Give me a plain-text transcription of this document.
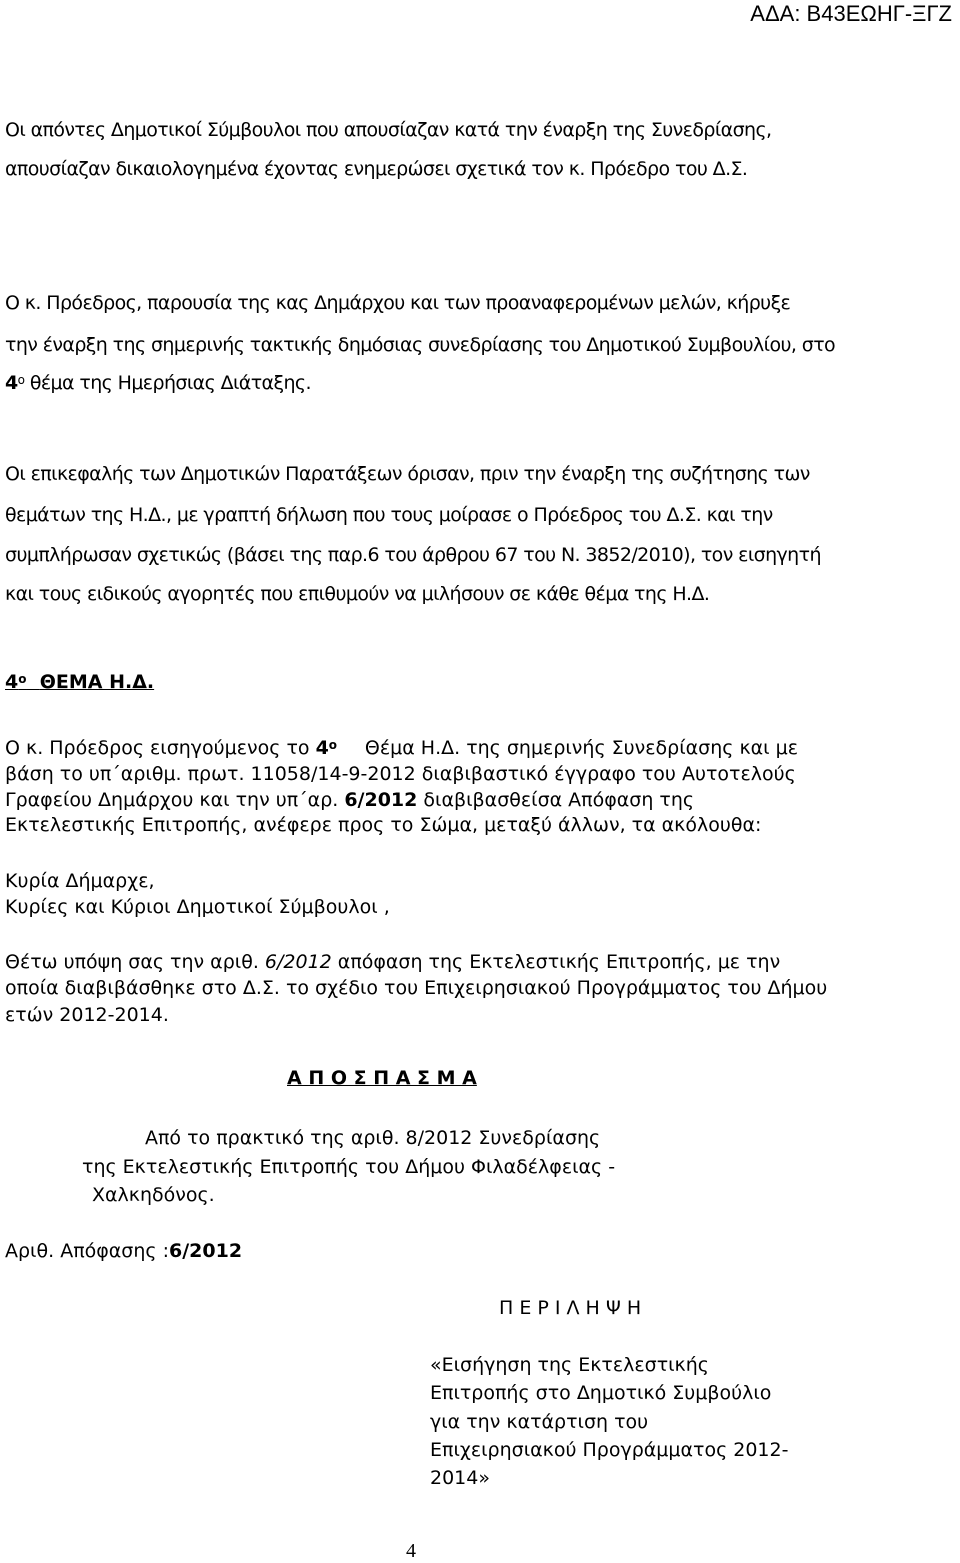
ΑΔΑ: Β43ΕΩΗΓ-ΞΓΖ
Οι απόντες Δημοτικοί Σύμβουλοι που απουσίαζαν κατά την έναρξη της Συνεδρίασης,
απουσίαζαν δικαιολογημένα έχοντας ενημερώσει σχετικά τον κ. Πρόεδρο του Δ.Σ.
Ο κ. Πρόεδρος, παρουσία της κας Δημάρχου και των προαναφερομένων μελών, κήρυξε
την έναρξη της σημερινής τακτικής δημόσιας συνεδρίασης του Δημοτικού Συμβουλίου, στο
$4^o$ θέμα της Ημερήσιας Διάταξης.
Οι επικεφαλής των Δημοτικών Παρατάξεων όρισαν, πριν την έναρξη της συζήτησης των
θεμάτων της Η.Δ., με γραπτή δήλωση που τους μοίρασε ο Πρόεδρος του Δ.Σ. και την
συμπλήρωσαν σχετικώς (βάσει της παρ.6 του άρθρου 67 του Ν. 3852/2010), τον εισηγητή
και τους ειδικούς αγορητές που επιθυμούν να μιλήσουν σε κάθε θέμα της Η.Δ.
$4^o$ ΘΕΜΑ Η.Δ.
Ο κ. Πρόεδρος εισηγούμενος το $4^o$ Θέμα Η.Δ. της σημερινής Συνεδρίασης και με
βάση το υπ΄αριθμ. πρωτ. 11058/14-9-2012 διαβιβαστικό έγγραφο του Αυτοτελούς
Γραφείου Δημάρχου και την υπ΄αρ. 6/2012 διαβιβασθείσα Απόφαση της
Εκτελεστικής Επιτροπής, ανέφερε προς το Σώμα, μεταξύ άλλων, τα ακόλουθα:
Κυρία Δήμαρχε,
Κυρίες και Κύριοι Δημοτικοί Σύμβουλοι ,
Θέτω υπόψη σας την αριθ. 6/2012 απόφαση της Εκτελεστικής Επιτροπής, με την
οποία διαβιβάσθηκε στο Δ.Σ. το σχέδιο του Επιχειρησιακού Προγράμματος του Δήμου
ετών 2012-2014.
Α Π Ο Σ Π Α Σ Μ Α
Από το πρακτικό της αριθ. 8/2012 Συνεδρίασης
της Εκτελεστικής Επιτροπής του Δήμου Φιλαδέλφειας -
Χαλκηδόνος.
Αριθ. Απόφασης :6/2012
Π Ε Ρ Ι Λ Η Ψ Η
«Εισήγηση της Εκτελεστικής
Επιτροπής στο Δημοτικό Συμβούλιο
για την κατάρτιση του
Επιχειρησιακού Προγράμματος 2012-
2014»
4
